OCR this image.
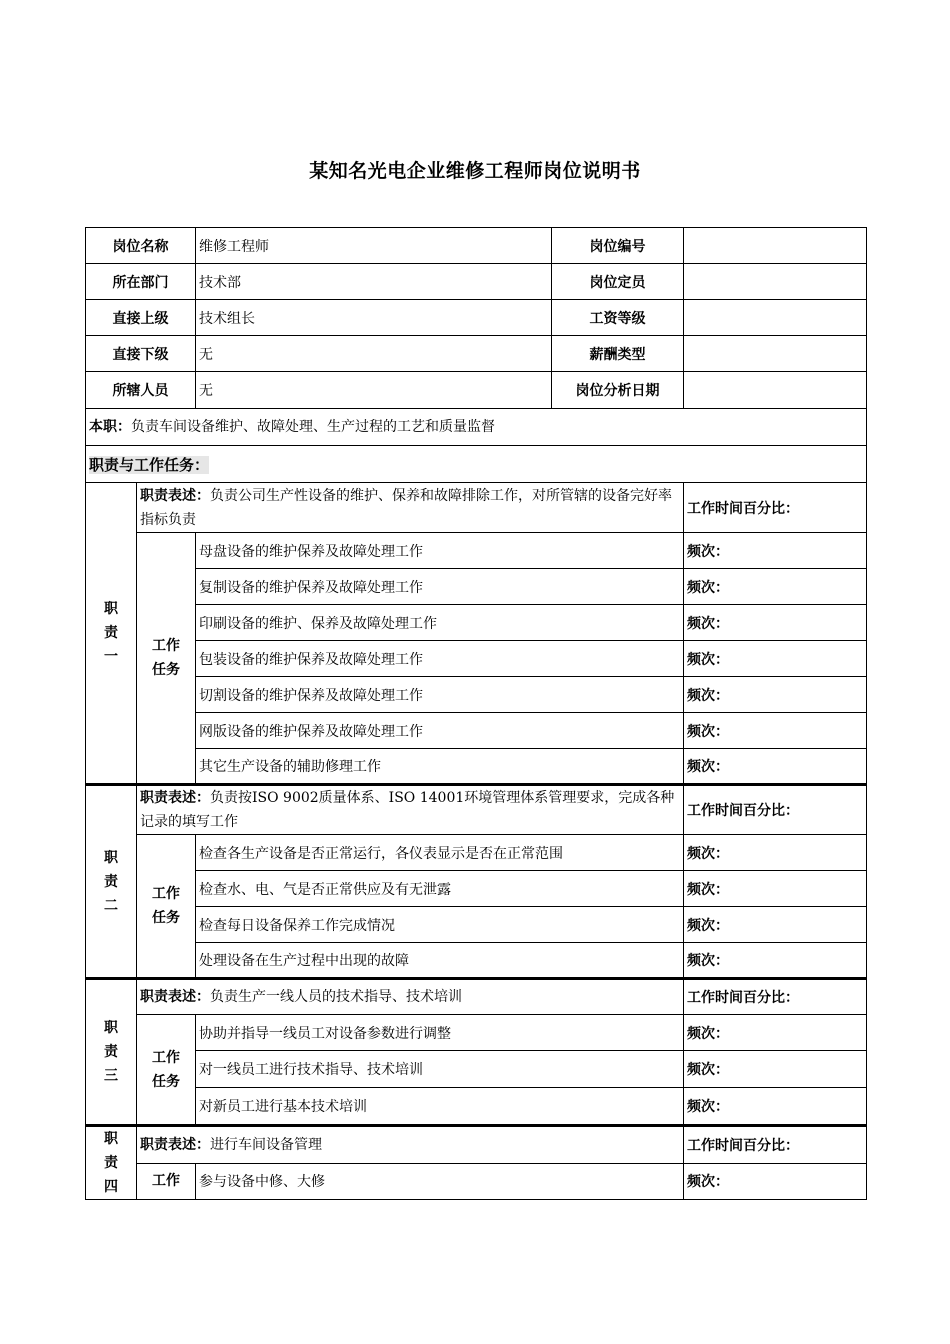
某知名光电企业维修工程师岗位说明书
岗位名称		维修工程师	岗位编号	
所在部门		技术部	岗位定员	
直接上级		技术组长	工资等级	
直接下级		无	薪酬类型	
所辖人员		无	岗位分析日期	
本职：负责车间设备维护、故障处理、生产过程的工艺和质量监督				
职责与工作任务：				
职责一	职责表述：负责公司生产性设备的维护、保养和故障排除工作，对所管辖的设备完好率指标负责			工作时间百分比：
	工作任务	母盘设备的维护保养及故障处理工作		频次：
		复制设备的维护保养及故障处理工作		频次：
		印刷设备的维护、保养及故障处理工作		频次：
		包装设备的维护保养及故障处理工作		频次：
		切割设备的维护保养及故障处理工作		频次：
		网版设备的维护保养及故障处理工作		频次：
		其它生产设备的辅助修理工作		频次：
职责二	职责表述：负责按ISO 9002质量体系、ISO 14001环境管理体系管理要求，完成各种记录的填写工作			工作时间百分比：
	工作任务	检查各生产设备是否正常运行，各仪表显示是否在正常范围		频次：
		检查水、电、气是否正常供应及有无泄露		频次：
		检查每日设备保养工作完成情况		频次：
		处理设备在生产过程中出现的故障		频次：
职责三	职责表述：负责生产一线人员的技术指导、技术培训			工作时间百分比：
	工作任务	协助并指导一线员工对设备参数进行调整		频次：
		对一线员工进行技术指导、技术培训		频次：
		对新员工进行基本技术培训		频次：
职责四	职责表述：进行车间设备管理			工作时间百分比：
	工作	参与设备中修、大修		频次：
